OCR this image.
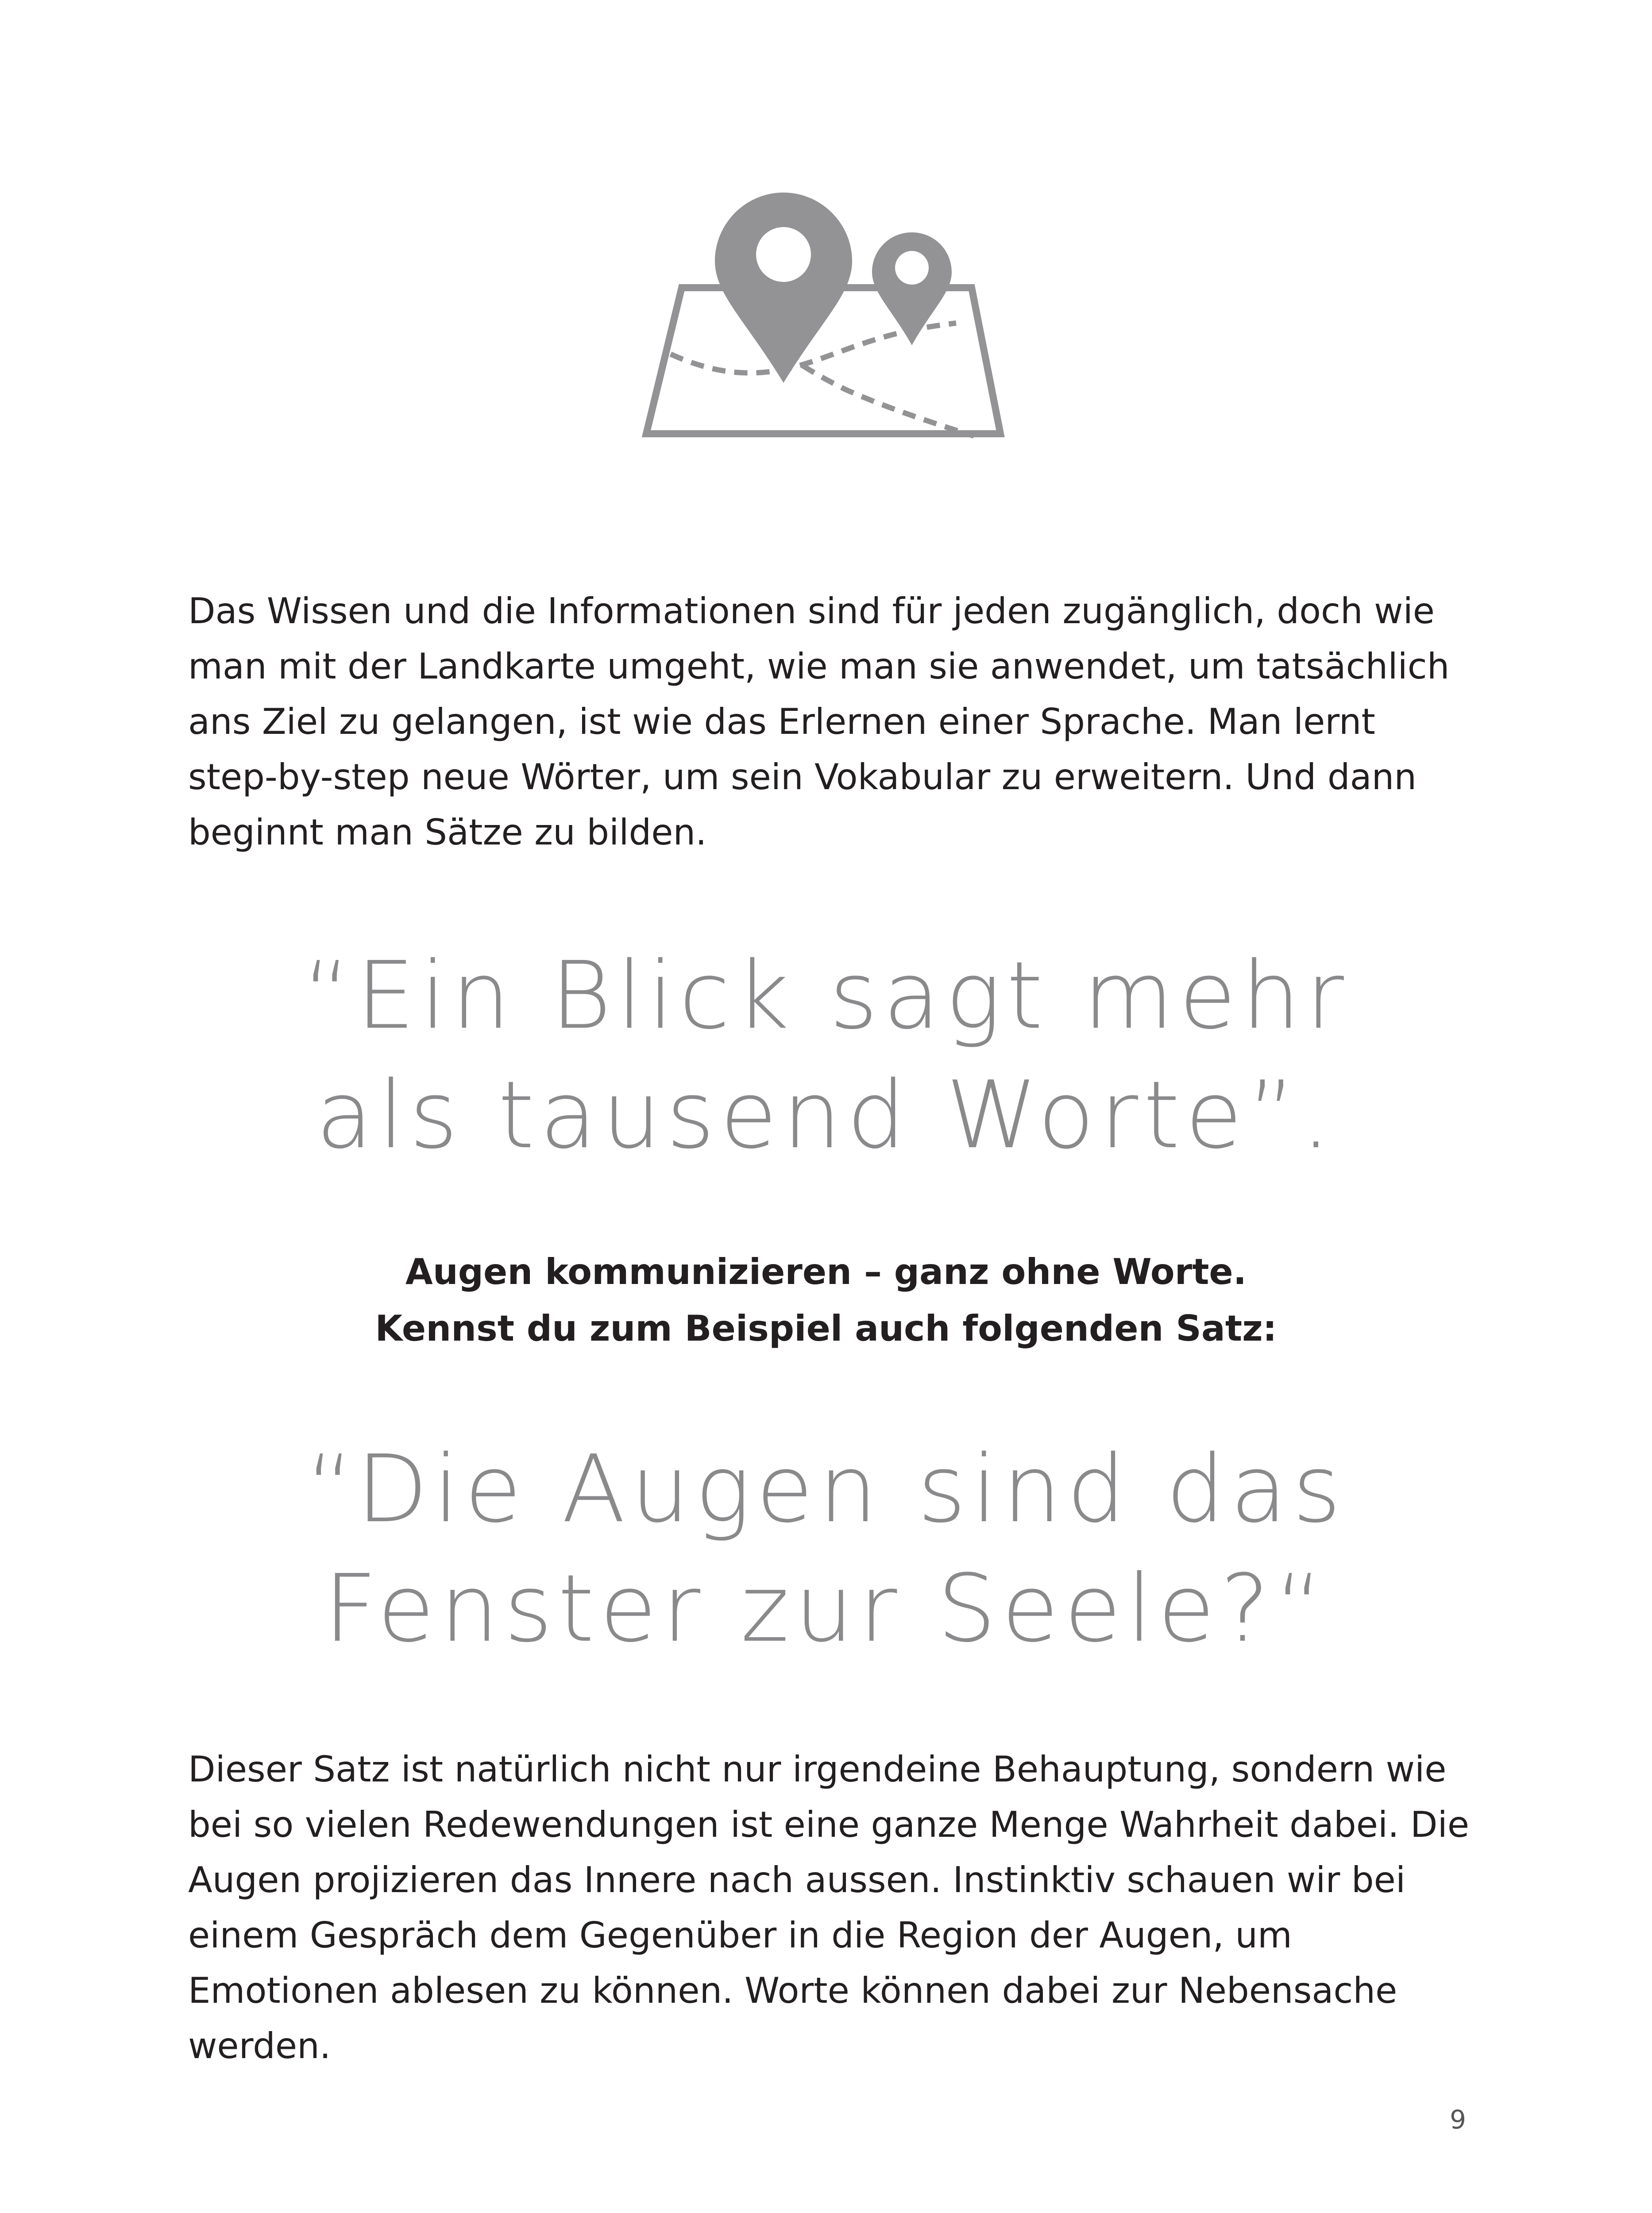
Das Wissen und die Informationen sind für jeden zugänglich, doch wie man mit der Landkarte umgeht, wie man sie anwendet, um tatsächlich ans Ziel zu gelangen, ist wie das Erlernen einer Sprache. Man lernt step-by-step neue Wörter, um sein Vokabular zu erweitern. Und dann beginnt man Sätze zu bilden.

“Ein Blick sagt mehr
als tausend Worte”.

Augen kommunizieren – ganz ohne Worte.
Kennst du zum Beispiel auch folgenden Satz:

“Die Augen sind das
Fenster zur Seele?“

Dieser Satz ist natürlich nicht nur irgendeine Behauptung, sondern wie bei so vielen Redewendungen ist eine ganze Menge Wahrheit dabei. Die Augen projizieren das Innere nach aussen. Instinktiv schauen wir bei einem Gespräch dem Gegenüber in die Region der Augen, um Emotionen ablesen zu können. Worte können dabei zur Nebensache werden.

9
